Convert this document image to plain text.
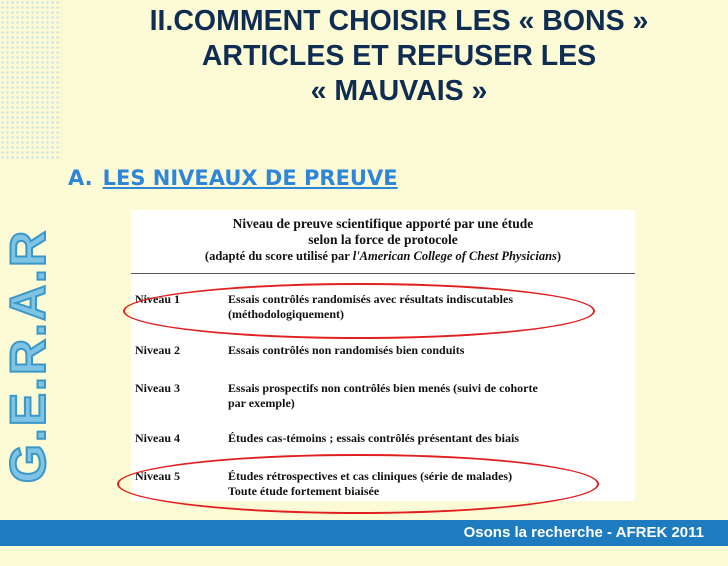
G.E.R.A.R
II.COMMENT CHOISIR LES « BONS »
ARTICLES ET REFUSER LES
« MAUVAIS »
A. LES NIVEAUX DE PREUVE
Niveau de preuve scientifique apporté par une étude
selon la force de protocole
(adapté du score utilisé par l'American College of Chest Physicians)
Niveau 1	Essais contrôlés randomisés avec résultats indiscutables
(méthodologiquement)
Niveau 2	Essais contrôlés non randomisés bien conduits
Niveau 3	Essais prospectifs non contrôlés bien menés (suivi de cohorte
par exemple)
Niveau 4	Études cas-témoins ; essais contrôlés présentant des biais
Niveau 5	Études rétrospectives et cas cliniques (série de malades)
Toute étude fortement biaisée
Osons la recherche - AFREK 2011
